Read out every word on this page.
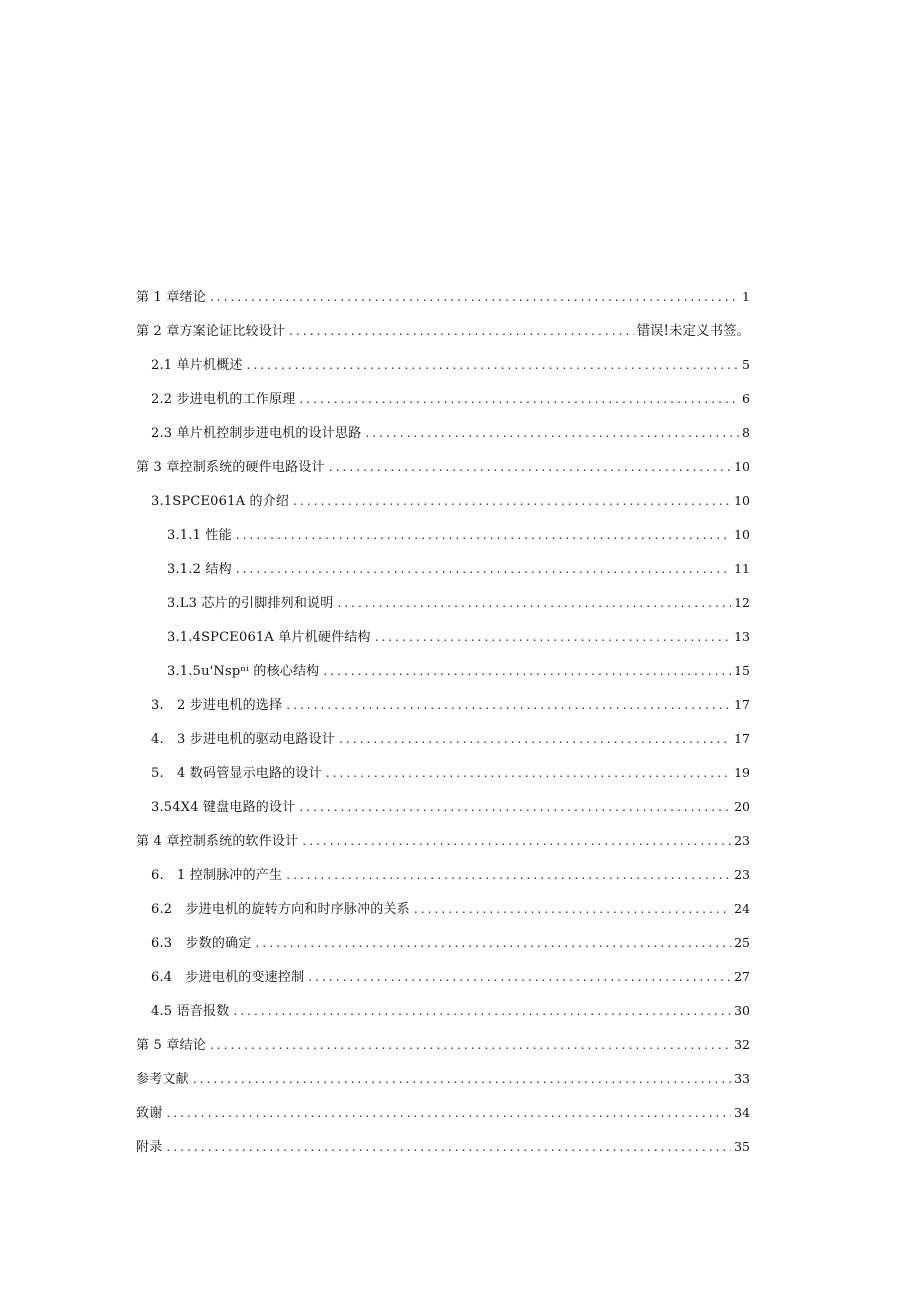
第 1 章绪论 .....	1
第 2 章方案论证比较设计 .....	错误!未定义书签。
2.1 单片机概述 .....	5
2.2 步进电机的工作原理 .....	6
2.3 单片机控制步进电机的设计思路 .....	8
第 3 章控制系统的硬件电路设计 .....	10
3.1SPCE061A 的介绍 .....	10
3.1.1 性能 .....	10
3.1.2 结构 .....	11
3.L3 芯片的引脚排列和说明 .....	12
3.1.4SPCE061A 单片机硬件结构 .....	13
3.1.5u'Nspⁿⁱ 的核心结构 .....	15
3.　2 步进电机的选择 .....	17
4.　3 步进电机的驱动电路设计 .....	17
5.　4 数码管显示电路的设计 .....	19
3.54X4 键盘电路的设计 .....	20
第 4 章控制系统的软件设计 .....	23
6.　1 控制脉冲的产生 .....	23
6.2　步进电机的旋转方向和时序脉冲的关系 .....	24
6.3　步数的确定 .....	25
6.4　步进电机的变速控制 .....	27
4.5 语音报数 .....	30
第 5 章结论 .....	32
参考文献 .....	33
致谢 .....	34
附录 .....	35
